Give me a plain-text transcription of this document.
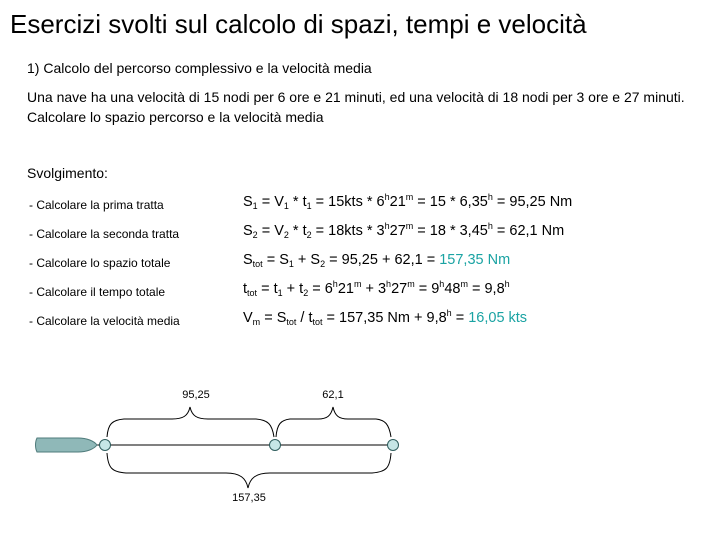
Esercizi svolti sul calcolo di spazi, tempi e velocità
1) Calcolo del percorso complessivo e la velocità media
Una nave ha una velocità di 15 nodi per 6 ore e 21 minuti, ed una velocità di 18 nodi per 3 ore e 27 minuti. Calcolare lo spazio percorso e la velocità media
Svolgimento:
- Calcolare la prima tratta	$S_1 = V_1 * t_1 = 15kts * 6^h21^m = 15 * 6,35^h = 95,25$ Nm
- Calcolare la seconda tratta	$S_2 = V_2 * t_2 = 18kts * 3^h27^m = 18 * 3,45^h = 62,1$ Nm
- Calcolare lo spazio totale	$S_{tot} = S_1 + S_2 = 95,25 + 62,1 = 157,35$ Nm
- Calcolare il tempo totale	$t_{tot} = t_1 + t_2 = 6^h21^m + 3^h27^m = 9^h48^m = 9,8^h$
- Calcolare la velocità media	$V_m = S_{tot} / t_{tot} = 157,35$ Nm + 9,8$^h$ = 16,05 kts
95,25	62,1
157,35
